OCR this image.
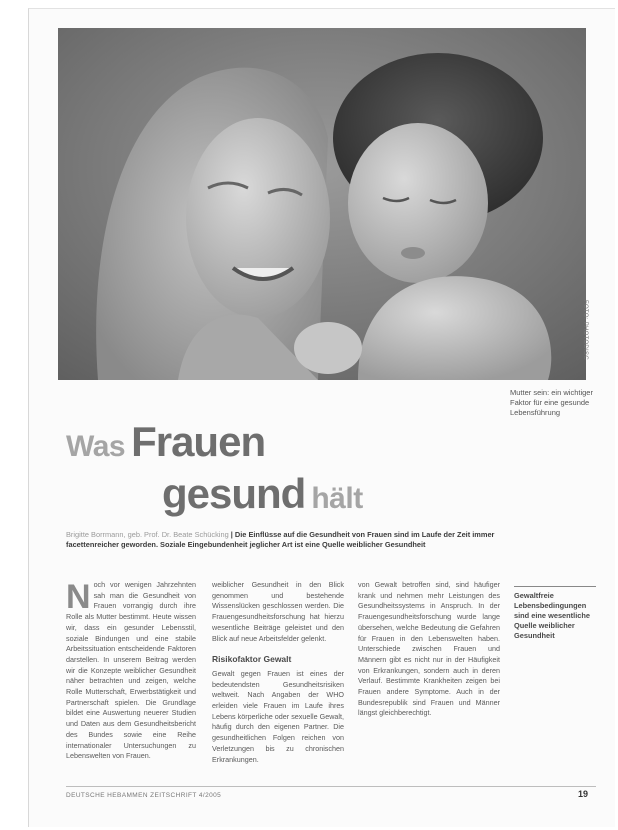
FOTO: PHOTODISC
Mutter sein: ein wichtiger Faktor für eine gesunde Lebensführung
Was Frauen
gesund hält
Brigitte Borrmann, geb. Prof. Dr. Beate Schücking | Die Einflüsse auf die Gesundheit von Frauen sind im Laufe der Zeit immer facettenreicher geworden. Soziale Eingebundenheit jeglicher Art ist eine Quelle weiblicher Gesundheit
Noch vor wenigen Jahrzehnten sah man die Gesundheit von Frauen vorrangig durch ihre Rolle als Mutter bestimmt. Heute wissen wir, dass ein gesunder Lebensstil, soziale Bindungen und eine stabile Arbeitssituation entscheidende Faktoren darstellen. In unserem Beitrag werden wir die Konzepte weiblicher Gesundheit näher betrachten und zeigen, welche Rolle Mutterschaft, Erwerbstätigkeit und Partnerschaft spielen. Die Grundlage bildet eine Auswertung neuerer Studien und Daten aus dem Gesundheitsbericht des Bundes sowie eine Reihe internationaler Untersuchungen zu Lebenswelten von Frauen.
weiblicher Gesundheit in den Blick genommen und bestehende Wissenslücken geschlossen werden. Die Frauengesundheitsforschung hat hierzu wesentliche Beiträge geleistet und den Blick auf neue Arbeitsfelder gelenkt.
Risikofaktor Gewalt
Gewalt gegen Frauen ist eines der bedeutendsten Gesundheitsrisiken weltweit. Nach Angaben der WHO erleiden viele Frauen im Laufe ihres Lebens körperliche oder sexuelle Gewalt, häufig durch den eigenen Partner. Die gesundheitlichen Folgen reichen von Verletzungen bis zu chronischen Erkrankungen.
von Gewalt betroffen sind, sind häufiger krank und nehmen mehr Leistungen des Gesundheitssystems in Anspruch. In der Frauengesundheitsforschung wurde lange übersehen, welche Bedeutung die Gefahren für Frauen in den Lebenswelten haben. Unterschiede zwischen Frauen und Männern gibt es nicht nur in der Häufigkeit von Erkrankungen, sondern auch in deren Verlauf. Bestimmte Krankheiten zeigen bei Frauen andere Symptome. Auch in der Bundesrepublik sind Frauen und Männer längst gleichberechtigt.
Gewaltfreie Lebensbedingungen sind eine wesentliche Quelle weiblicher Gesundheit
DEUTSCHE HEBAMMEN ZEITSCHRIFT 4/2005	19
